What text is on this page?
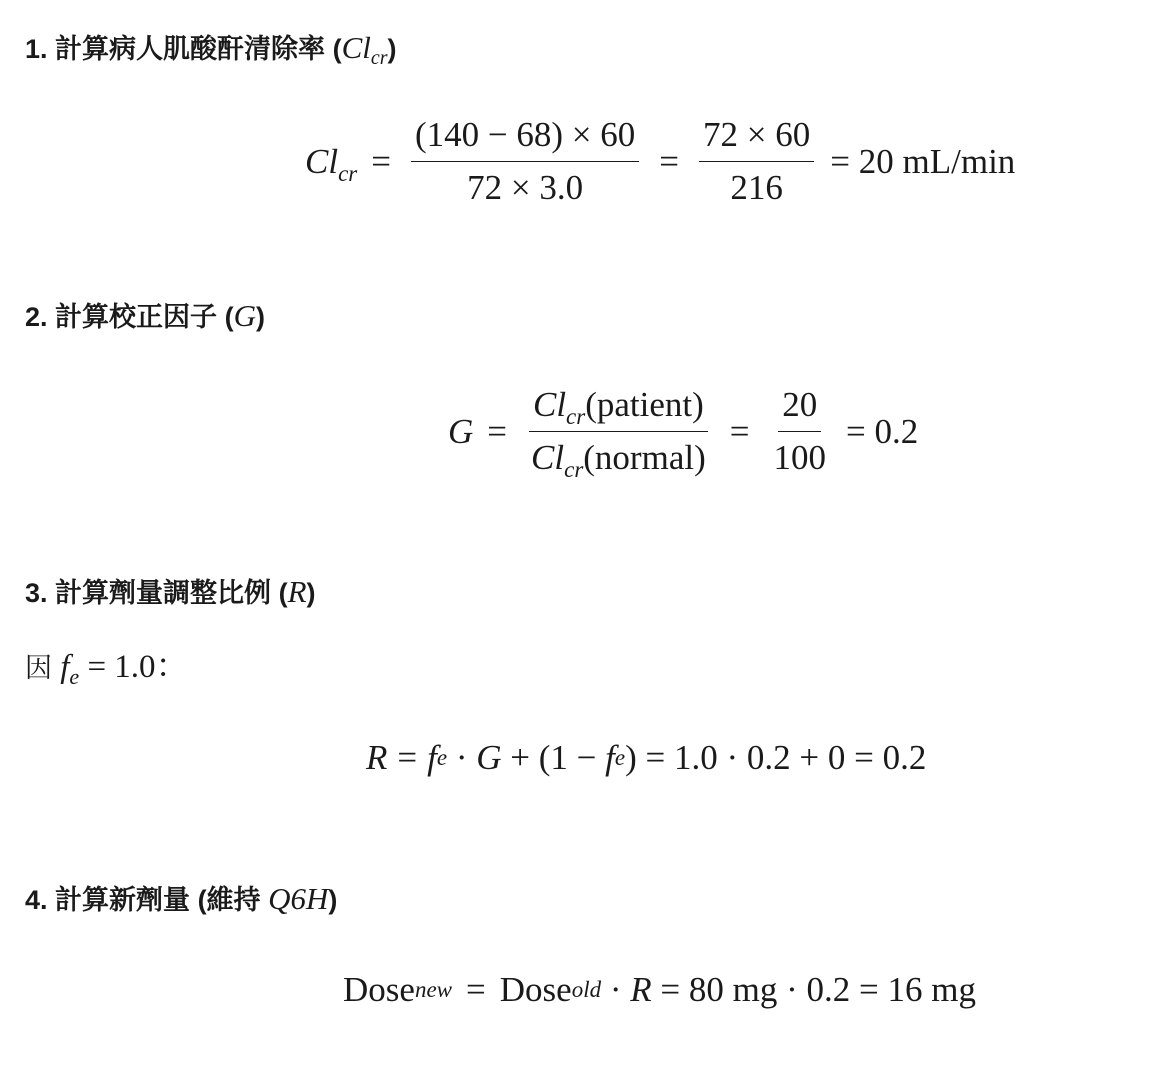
1. 計算病人肌酸酐清除率 $(Cl_{cr})$
$Cl_{cr} = \frac{(140 - 68) \times 60}{72 \times 3.0} = \frac{72 \times 60}{216} = 20$ mL/min
2. 計算校正因子 (G)
$G = \frac{Cl_{cr}(patient)}{Cl_{cr}(normal)} = \frac{20}{100} = 0.2$
3. 計算劑量調整比例 (R)
因 $f_e = 1.0$：
R = f e · G + (1 − f e ) = 1.0 · 0.2 + 0 = 0.2
4. 計算新劑量 (維持 Q6H)
Dose new = Dose old · R = 80 mg · 0.2 = 16 mg
